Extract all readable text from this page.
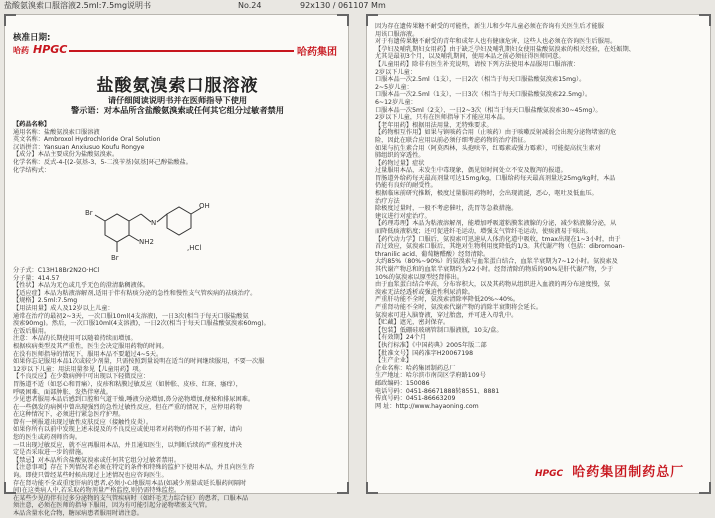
盐酸氨溴索口服溶液2.5ml:7.5mg说明书	No.24	92x130 / 061107 Mm
核准日期:
哈药 HPGC	哈药集团
盐酸氨溴索口服溶液
请仔细阅读说明书并在医师指导下使用
警示语：对本品所含盐酸氨溴索或任何其它组分过敏者禁用
【药品名称】
通用名称：盐酸氨溴索口服溶液
英文名称：Ambroxol Hydrochloride Oral Solution
汉语拼音：Yansuan Anxiusuo Koufu Rongye
【成分】本品主要成份为盐酸氨溴索。
化学名称：反式-4-[(2-氨基-3、5-二溴苄基)氨基]环己醇盐酸盐。
化学结构式：
N
OH
Br
Br
NH2
,HCl
分子式：C13H18Br2N2O·HCl
分子量：414.57
【性状】本品为无色或几乎无色的澄清黏稠液体。
【适应症】本品为粘液溶解剂,适用于伴有粘痰分泌的急性和慢性支气管疾病的祛痰治疗。
【规格】2.5ml:7.5mg
【用法用量】成人及12岁以上儿童：
通常在治疗的最初2~3天，一次口服10ml(4支溶液)，一日3次(相当于每天口服盐酸氨
溴索90mg)。然后，一次口服10ml(4支溶液)，一日2次(相当于每天口服盐酸氨溴索60mg)。
在饭后服用。
注意：本品的长期使用可以随着持续而增加。
根据疾病类型及其严重性，医生会决定服用药物的时间。
在没有医师指导的情况下，服用本品不要超过4~5天。
如果你忘记服用本品1次或较少剂量，只需按照到量说明在适当的时间继续服用，不要一次服
12岁以下儿童：用法用量参见【儿童用药】项。
【不良反应】在少数病例中可出现以下轻微反应：
胃肠道不适（如恶心和胃痛），皮疹和粘膜过敏反应（如肿胀、皮疹、红斑、瘙痒），
呼吸困难、面部肿胀、发热伴寒战。
少见患者服用本品后感到口腔和气道干燥,唾液分泌增加,鼻分泌物增加,便秘和排尿困难。
在一些偶发的病例中曾出现强烈的急性过敏性反应，但在严重的情况下，应停用药物
在这种情况下，必须进行紧急医疗护理。
曾有一例报道出现过敏性皮肤反应（接触性皮炎）。
如果你所有以前中发现上述未提及的不良反应或使用者对药物的作用不甚了解，请向
您的医生或药剂师咨询。
一旦出现过敏反应，就不应再服用本品，并且通知医生，以判断后续的严重程度并决
定是否采取进一步的措施。
【禁忌】对本品所含盐酸氨溴索或任何其它组分过敏者禁用。
【注意事项】存在下列情况者必须在特定的条件和特殊的监护下使用本品，并且向医生咨
询。即使只曾经某些时候出现过上述情况也应咨询医生。
存在肾功能不全或重度肝病的患者,必须小心地服用本品(如减少剂量或延长服药间隔时
间)在这类病人中,若采取药物剂量严格监控,则仍需特殊监控。
在某些少见的伴有过多分泌物的支气管疾病时（如纤毛无力综合征）的患者，口服本品
须注意，必须在医师的指导下服用，因为有可能引起分泌物堵塞支气管。
本品含量水化合物，糖尿病患者服用时请注意。
因为存在遗传果糖不耐受的可能性，新生儿和少年儿童必须在咨询有关医生后才能服
用该口服溶液。
对于有遗传果糖不耐受的青年和成年人也有健康危害，这些人也必须在咨询医生后服用。
【孕妇及哺乳期妇女用药】由于缺乏孕妇及哺乳期妇女使用盐酸氨溴索的相关经验，在妊娠期、
尤其是最初3个月，以及哺乳期间，使用本品之前必须征得医师同意。
【儿童用药】除非有医生补充说明，请按下列方法使用本品服用口服溶液：
2岁以下儿童：
口服本品一次2.5ml（1支），一日2次（相当于每天口服盐酸氨溴索15mg）。
2~5岁儿童：
口服本品一次2.5ml（1支），一日3次（相当于每天口服盐酸氨溴索22.5mg）。
6~12岁儿童：
口服本品一次5ml（2支），一日2~3次（相当于每天口服盐酸氨溴索30~45mg）。
2岁以下儿童，只有在医师指导下才能应用本品。
【老年用药】根据用法用量，无特殊要求。
【药物相互作用】如果与镇咳药合用（止咳药）由于咳嗽反射减弱会出现分泌物堵塞的危
险，因此在联合应用以前必须仔细考虑药物的治疗指征。
如果与抗生素合用（阿莫西林，头孢呋辛，红霉素或强力霉素），可能提高抗生素对
肺组织的穿透性。
【药物过量】症状
过量服用本品，未发生中毒现象，偶见短时间处立不安及腹泻的报道。
胃肠道外给药每天最高剂量可达15mg/kg，口服给药每天最高剂量达25mg/kg时，本品
仍能有良好的耐受性。
根据临床前研究推断，极度过量服用药物时，会出现流涎，恶心，呕吐及低血压。
治疗方法
除极度过量时，一般不考虑催吐，洗胃等急救措施。
建议进行对症治疗。
【药理毒理】本品为粘液溶解剂，能增加呼吸道粘膜浆液腺的分泌，减少粘液腺分泌，从
而降低痰液粘度；还可促进纤毛运动，增强支气管纤毛运动，使痰液易于咳出。
【药代动力学】口服后，氨溴索可迅速从人体消化道中吸收，tmax出现在1~3小时，由于
首过效应，氨溴索口服后，其绝对生物利用度降低约1/3。其代谢产物（包括：dibromoan-
thranilic acid、葡萄糖醛酸）经肾清除。
大约85%（80%~90%）的氨溴索与血浆蛋白结合，血浆半衰期为7~12小时。氨溴索及
其代谢产物总和的血浆半衰期约为22小时。经肾清除的物质的90%是肝代谢产物，少于
10%的氨溴索以原型经肾排出。
由于血浆蛋白结合率高，分布容积大，以及其药物从组织进入血液的再分布速度慢，氨
溴索无法经透析或强迫性利尿消除。
严重肝功能不全时，氨溴索清除率降低20%~40%。
严重肾功能不全时，氨溴索代谢产物的消除半衰期将会延长。
氨溴索可进入脑脊液，穿过胎盘，并可进入母乳中。
【贮藏】遮光，密封保存。
【包装】低硼硅玻璃管制口服液瓶，10支/盒。
【有效期】24个月
【执行标准】《中国药典》2005年版二部
【批准文号】国药准字H20067198
【生产企业】
企业名称：哈药集团制药总厂
生产地址：哈尔滨市南岗区学府路109号
邮政编码：150086
电话号码：0451-86671888转8551、8881
传真号码：0451-86663209
网 址：http://www.hayaoning.com
HPGC 哈药集团制药总厂
